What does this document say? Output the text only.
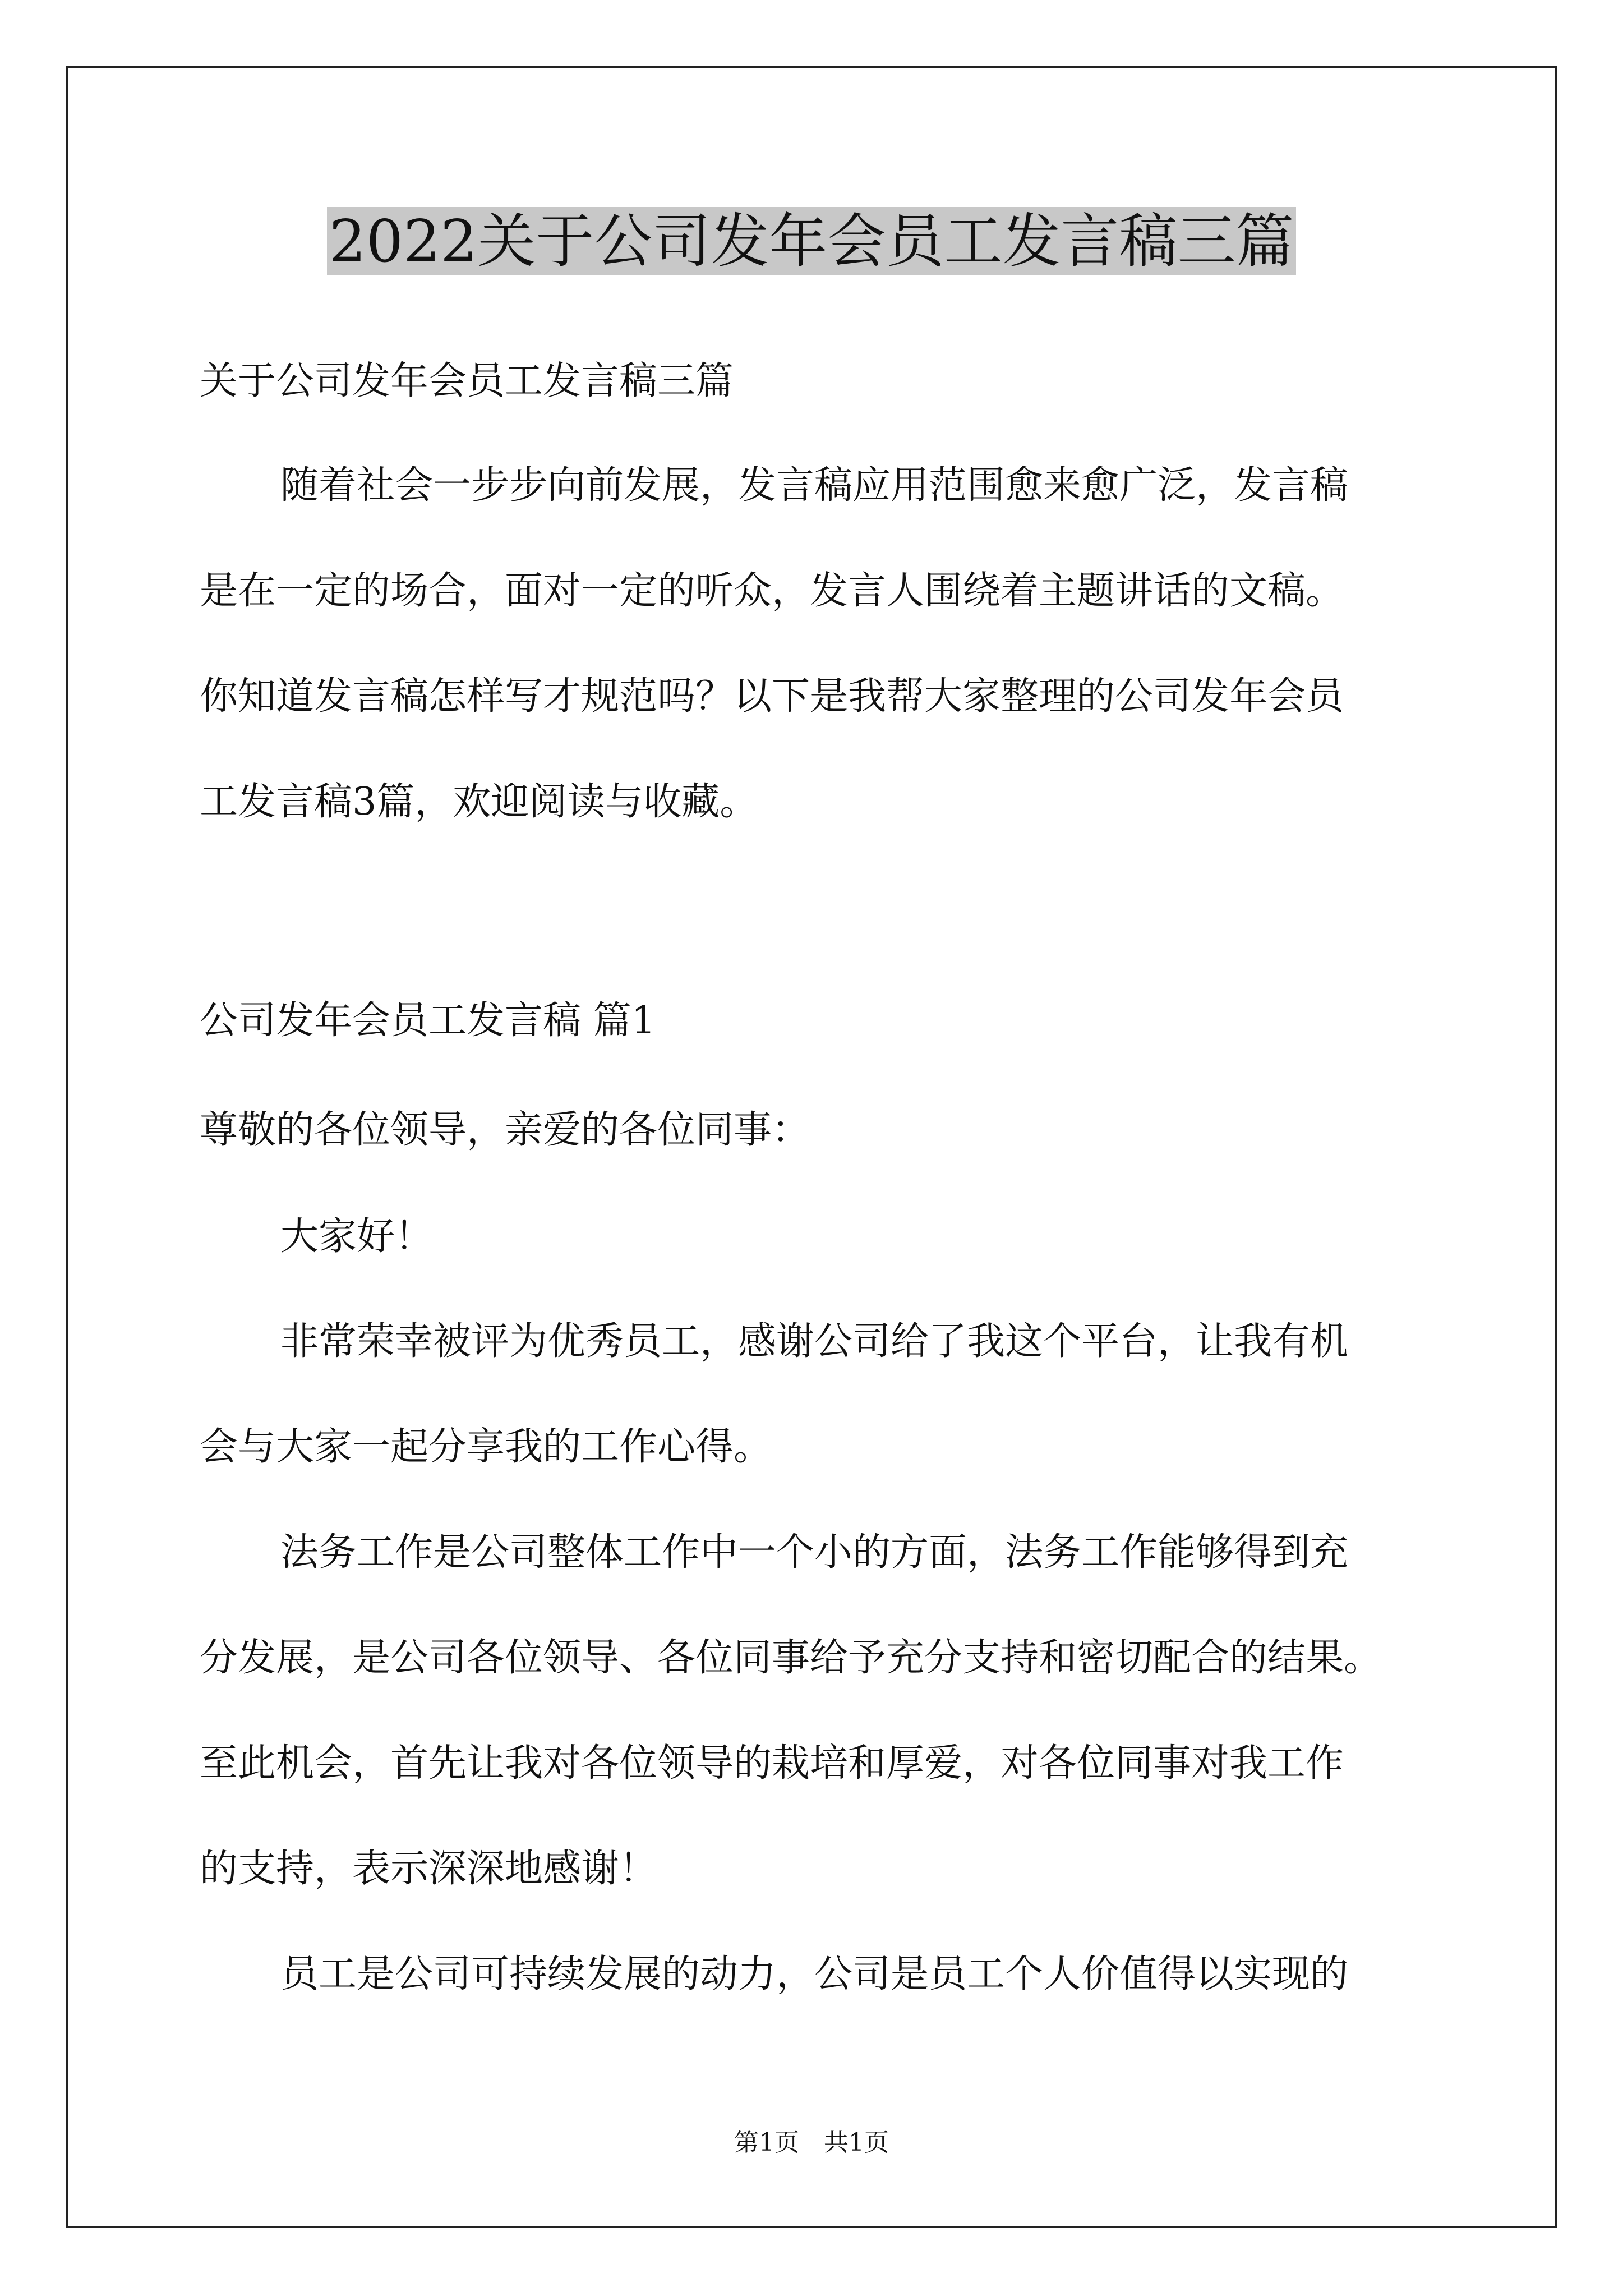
2022关于公司发年会员工发言稿三篇

关于公司发年会员工发言稿三篇

随着社会一步步向前发展，发言稿应用范围愈来愈广泛，发言稿

是在一定的场合，面对一定的听众，发言人围绕着主题讲话的文稿。

你知道发言稿怎样写才规范吗？以下是我帮大家整理的公司发年会员

工发言稿3篇，欢迎阅读与收藏。

公司发年会员工发言稿 篇1

尊敬的各位领导，亲爱的各位同事：

大家好！

非常荣幸被评为优秀员工，感谢公司给了我这个平台，让我有机

会与大家一起分享我的工作心得。

法务工作是公司整体工作中一个小的方面，法务工作能够得到充

分发展，是公司各位领导、各位同事给予充分支持和密切配合的结果。

至此机会，首先让我对各位领导的栽培和厚爱，对各位同事对我工作

的支持，表示深深地感谢！

员工是公司可持续发展的动力，公司是员工个人价值得以实现的

第1页　共1页
